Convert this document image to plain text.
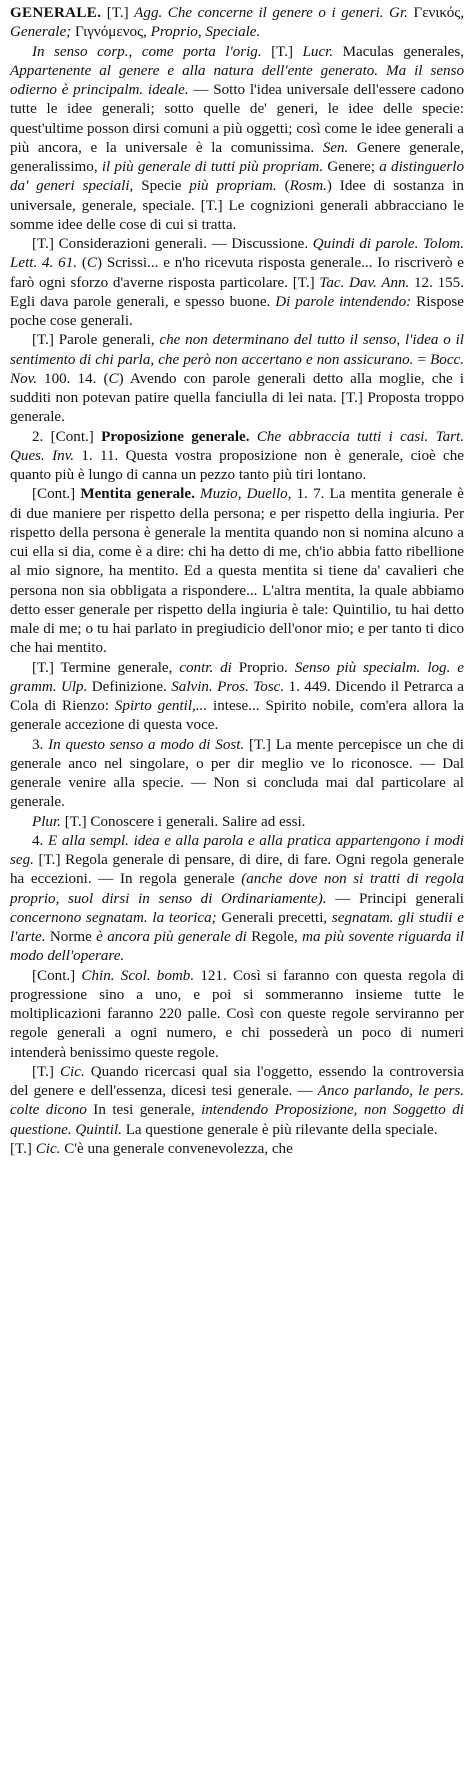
GENERALE. [T.] Agg. Che concerne il genere o i generi. Gr. Γενικός, Generale; Γιγνόμενος, Proprio, Speciale.

In senso corp., come porta l'orig. [T.] Lucr. Maculas generales, Appartenente al genere e alla natura dell'ente generato. Ma il senso odierno è principalm. ideale. — Sotto l'idea universale dell'essere cadono tutte le idee generali; sotto quelle de' generi, le idee delle specie: quest'ultime posson dirsi comuni a più oggetti; così come le idee generali a più ancora, e la universale è la comunissima. Sen. Genere generale, generalissimo, il più generale di tutti più propriam. Genere; a distinguerlo da' generi speciali, Specie più propriam. (Rosm.) Idee di sostanza in universale, generale, speciale. [T.] Le cognizioni generali abbracciano le somme idee delle cose di cui si tratta.

[T.] Considerazioni generali. — Discussione. Quindi di parole. Tolom. Lett. 4. 61. (C) Scrissi... e n'ho ricevuta risposta generale... Io riscriverò e farò ogni sforzo d'averne risposta particolare. [T.] Tac. Dav. Ann. 12. 155. Egli dava parole generali, e spesso buone. Di parole intendendo: Rispose poche cose generali.

[T.] Parole generali, che non determinano del tutto il senso, l'idea o il sentimento di chi parla, che però non accertano e non assicurano. = Bocc. Nov. 100. 14. (C) Avendo con parole generali detto alla moglie, che i sudditi non potevan patire quella fanciulla di lei nata. [T.] Proposta troppo generale.

2. [Cont.] Proposizione generale. Che abbraccia tutti i casi. Tart. Ques. Inv. 1. 11. Questa vostra proposizione non è generale, cioè che quanto più è lungo di canna un pezzo tanto più tiri lontano.

[Cont.] Mentita generale. Muzio, Duello, 1. 7. La mentita generale è di due maniere per rispetto della persona; e per rispetto della ingiuria. Per rispetto della persona è generale la mentita quando non si nomina alcuno a cui ella si dia, come è a dire: chi ha detto di me, ch'io abbia fatto ribellione al mio signore, ha mentito. Ed a questa mentita si tiene da' cavalieri che persona non sia obbligata a rispondere... L'altra mentita, la quale abbiamo detto esser generale per rispetto della ingiuria è tale: Quintilio, tu hai detto male di me; o tu hai parlato in pregiudicio dell'onor mio; e per tanto ti dico che hai mentito.

[T.] Termine generale, contr. di Proprio. Senso più specialm. log. e gramm. Ulp. Definizione. Salvin. Pros. Tosc. 1. 449. Dicendo il Petrarca a Cola di Rienzo: Spirto gentil,... intese... Spirito nobile, com'era allora la generale accezione di questa voce.

3. In questo senso a modo di Sost. [T.] La mente percepisce un che di generale anco nel singolare, o per dir meglio ve lo riconosce. — Dal generale venire alla specie. — Non si concluda mai dal particolare al generale.

Plur. [T.] Conoscere i generali. Salire ad essi.

4. E alla sempl. idea e alla parola e alla pratica appartengono i modi seg. [T.] Regola generale di pensare, di dire, di fare. Ogni regola generale ha eccezioni. — In regola generale (anche dove non si tratti di regola proprio, suol dirsi in senso di Ordinariamente). — Principi generali concernono segnatam. la teorica; Generali precetti, segnatam. gli studii e l'arte. Norme è ancora più generale di Regole, ma più sovente riguarda il modo dell'operare.

[Cont.] Chin. Scol. bomb. 121. Così si faranno con questa regola di progressione sino a uno, e poi si sommeranno insieme tutte le moltiplicazioni faranno 220 palle. Così con queste regole serviranno per regole generali a ogni numero, e chi possederà un poco di numeri intenderà benissimo queste regole.

[T.] Cic. Quando ricercasi qual sia l'oggetto, essendo la controversia del genere e dell'essenza, dicesi tesi generale. — Anco parlando, le pers. colte dicono In tesi generale, intendendo Proposizione, non Soggetto di questione. Quintil. La questione generale è più rilevante della speciale.

[T.] Cic. C'è una generale convenevolezza, che
